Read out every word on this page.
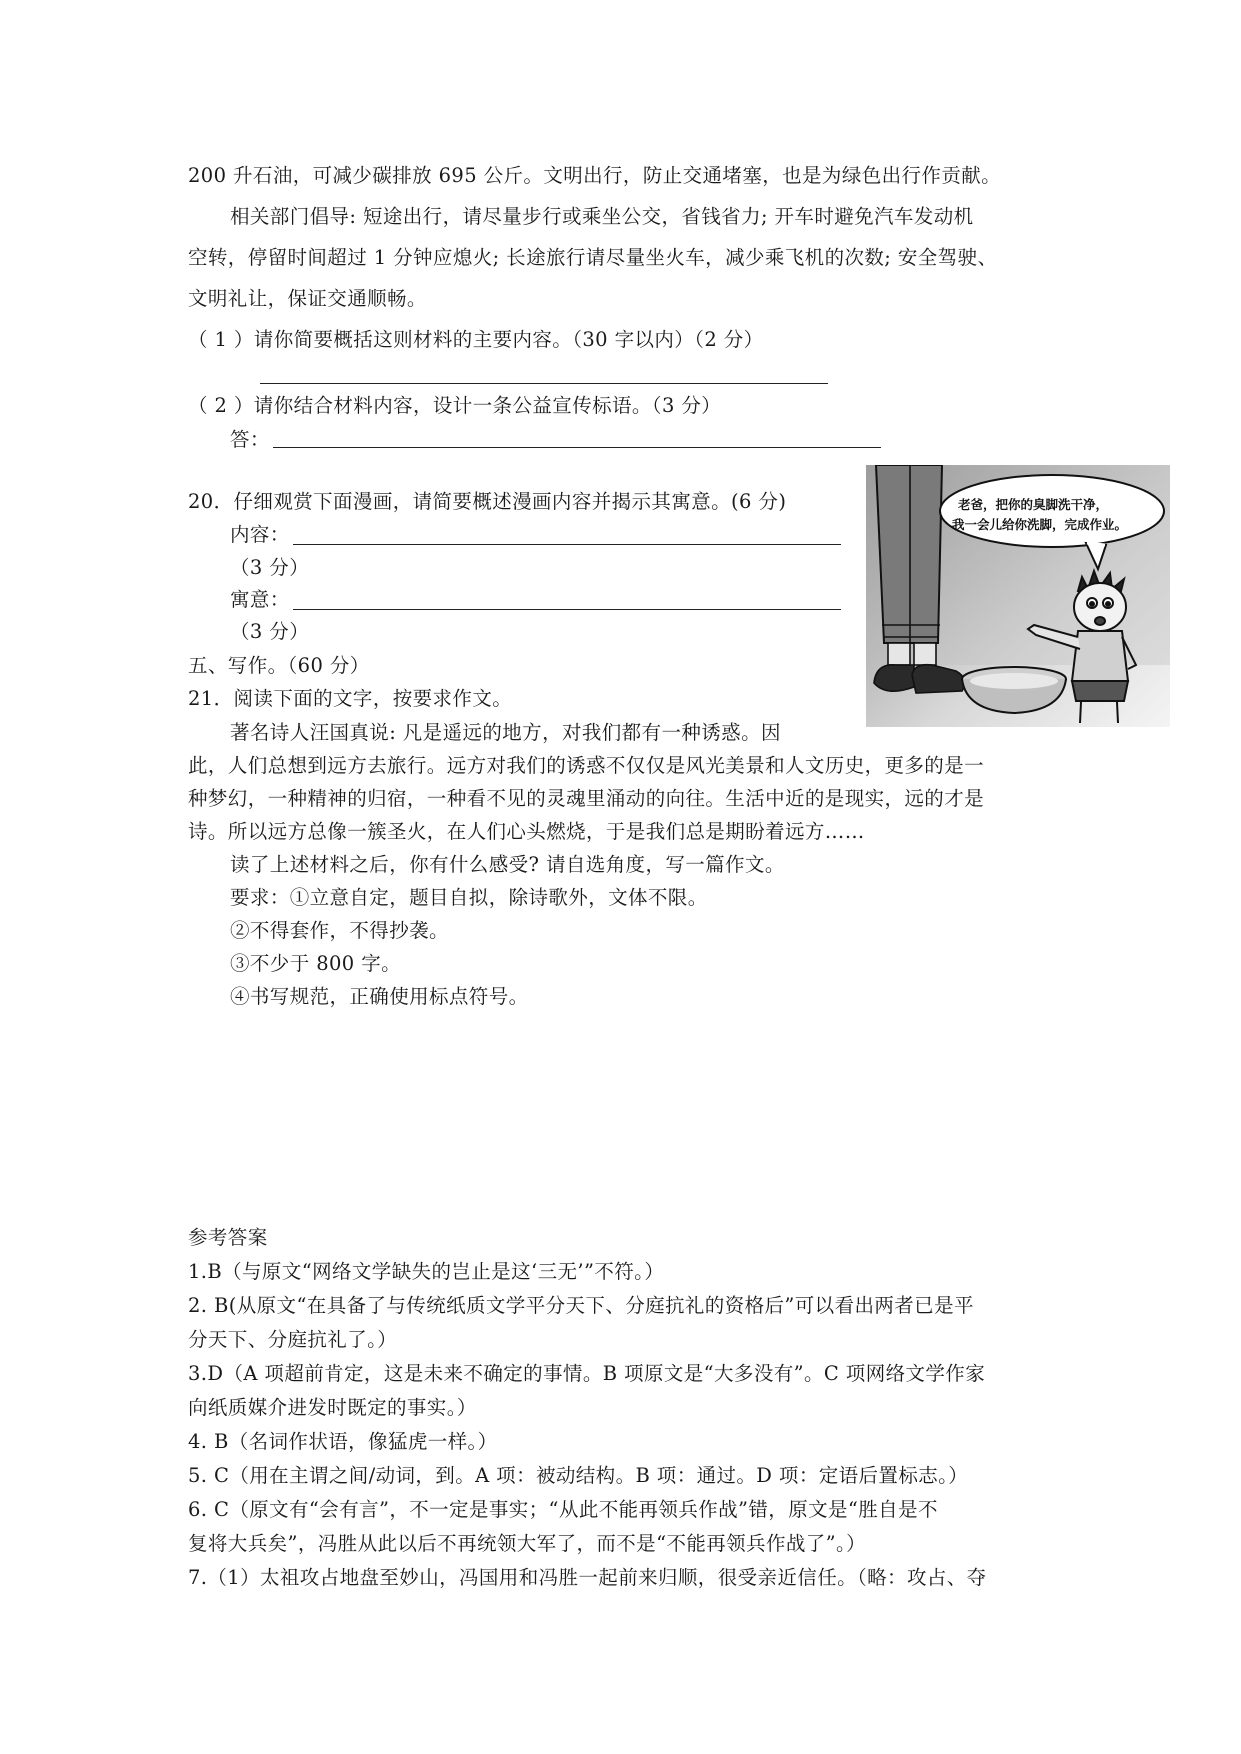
200 升石油，可减少碳排放 695 公斤。文明出行，防止交通堵塞，也是为绿色出行作贡献。
相关部门倡导: 短途出行，请尽量步行或乘坐公交，省钱省力; 开车时避免汽车发动机
空转，停留时间超过 1 分钟应熄火; 长途旅行请尽量坐火车，减少乘飞机的次数; 安全驾驶、
文明礼让，保证交通顺畅。
（ 1 ）请你简要概括这则材料的主要内容。（30 字以内）（2 分）
（ 2 ）请你结合材料内容，设计一条公益宣传标语。（3 分）
答：
20．仔细观赏下面漫画，请简要概述漫画内容并揭示其寓意。(6 分)
内容：
（3 分）
寓意：
（3 分）
老爸，把你的臭脚洗干净，
我一会儿给你洗脚，完成作业。
五、写作。（60 分）
21．阅读下面的文字，按要求作文。
著名诗人汪国真说: 凡是遥远的地方，对我们都有一种诱惑。因
此，人们总想到远方去旅行。远方对我们的诱惑不仅仅是风光美景和人文历史，更多的是一
种梦幻，一种精神的归宿，一种看不见的灵魂里涌动的向往。生活中近的是现实，远的才是
诗。所以远方总像一簇圣火，在人们心头燃烧，于是我们总是期盼着远方……
读了上述材料之后，你有什么感受? 请自选角度，写一篇作文。
要求：①立意自定，题目自拟，除诗歌外，文体不限。
②不得套作，不得抄袭。
③不少于 800 字。
④书写规范，正确使用标点符号。
参考答案
1.B（与原文“网络文学缺失的岂止是这‘三无’”不符。）
2. B(从原文“在具备了与传统纸质文学平分天下、分庭抗礼的资格后”可以看出两者已是平
分天下、分庭抗礼了。）
3.D（A 项超前肯定，这是未来不确定的事情。B 项原文是“大多没有”。C 项网络文学作家
向纸质媒介进发时既定的事实。）
4. B（名词作状语，像猛虎一样。）
5. C（用在主谓之间/动词，到。A 项：被动结构。B 项：通过。D 项：定语后置标志。）
6. C（原文有“会有言”，不一定是事实；“从此不能再领兵作战”错，原文是“胜自是不
复将大兵矣”，冯胜从此以后不再统领大军了，而不是“不能再领兵作战了”。）
7.（1）太祖攻占地盘至妙山，冯国用和冯胜一起前来归顺，很受亲近信任。（略：攻占、夺
